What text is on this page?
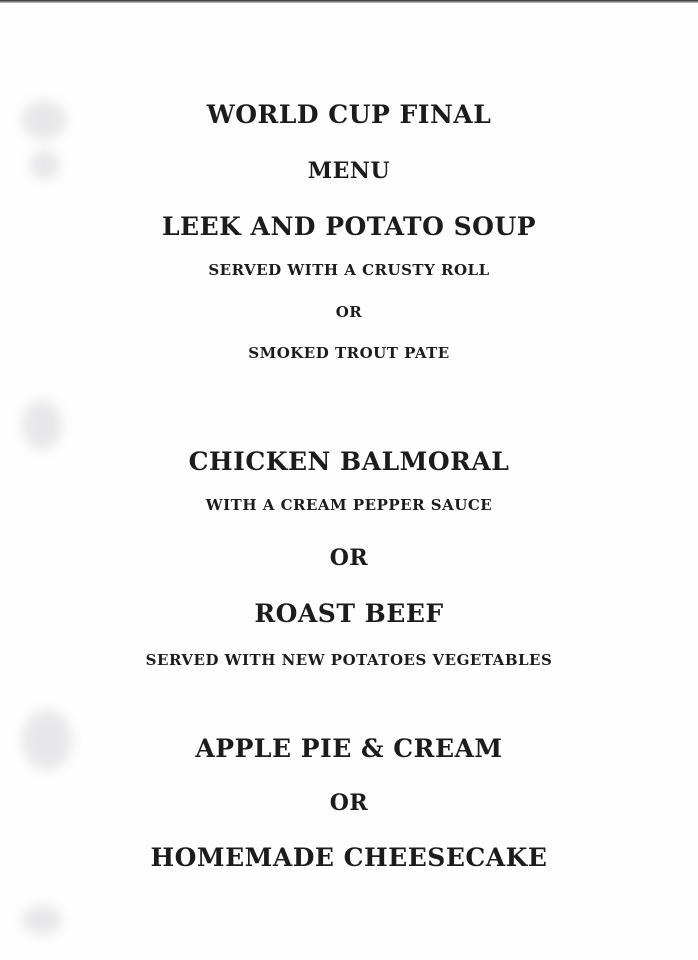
WORLD CUP FINAL
MENU
LEEK AND POTATO SOUP
SERVED WITH A CRUSTY ROLL
OR
SMOKED TROUT PATE
CHICKEN BALMORAL
WITH A CREAM PEPPER SAUCE
OR
ROAST BEEF
SERVED WITH NEW POTATOES VEGETABLES
APPLE PIE & CREAM
OR
HOMEMADE CHEESECAKE
